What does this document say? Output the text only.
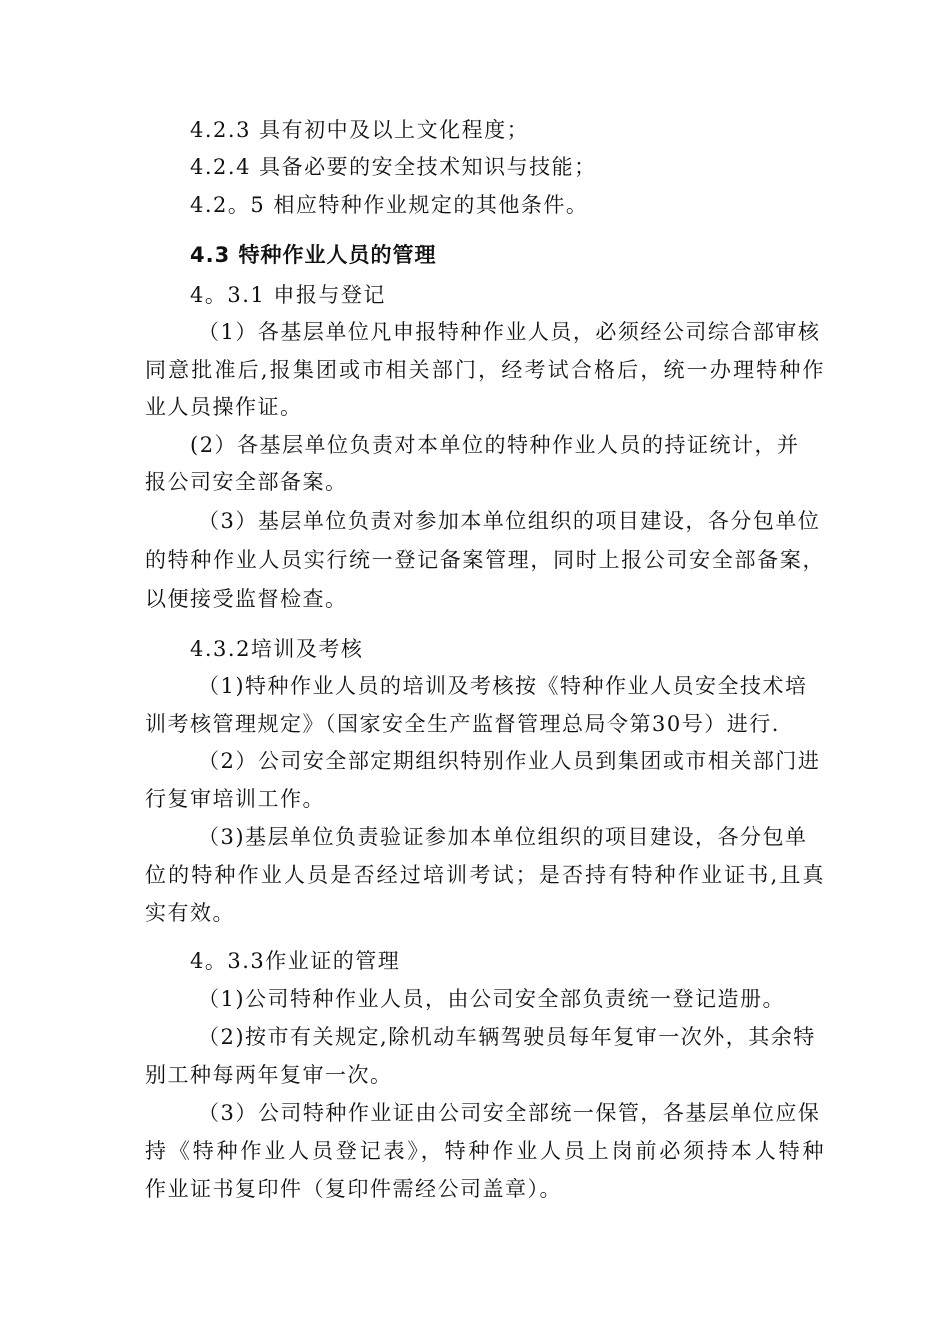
4.2.3 具有初中及以上文化程度；
4.2.4 具备必要的安全技术知识与技能；
4.2。5 相应特种作业规定的其他条件。
4.3 特种作业人员的管理
4。3.1 申报与登记
（1）各基层单位凡申报特种作业人员，必须经公司综合部审核
同意批准后,报集团或市相关部门，经考试合格后，统一办理特种作
业人员操作证。
(2）各基层单位负责对本单位的特种作业人员的持证统计，并
报公司安全部备案。
（3）基层单位负责对参加本单位组织的项目建设，各分包单位
的特种作业人员实行统一登记备案管理，同时上报公司安全部备案，
以便接受监督检查。
4.3.2培训及考核
（1)特种作业人员的培训及考核按《特种作业人员安全技术培
训考核管理规定》（国家安全生产监督管理总局令第30号）进行.
（2）公司安全部定期组织特别作业人员到集团或市相关部门进
行复审培训工作。
（3)基层单位负责验证参加本单位组织的项目建设，各分包单
位的特种作业人员是否经过培训考试；是否持有特种作业证书,且真
实有效。
4。3.3作业证的管理
（1)公司特种作业人员，由公司安全部负责统一登记造册。
（2)按市有关规定,除机动车辆驾驶员每年复审一次外，其余特
别工种每两年复审一次。
（3）公司特种作业证由公司安全部统一保管，各基层单位应保
持《特种作业人员登记表》，特种作业人员上岗前必须持本人特种
作业证书复印件（复印件需经公司盖章）。
